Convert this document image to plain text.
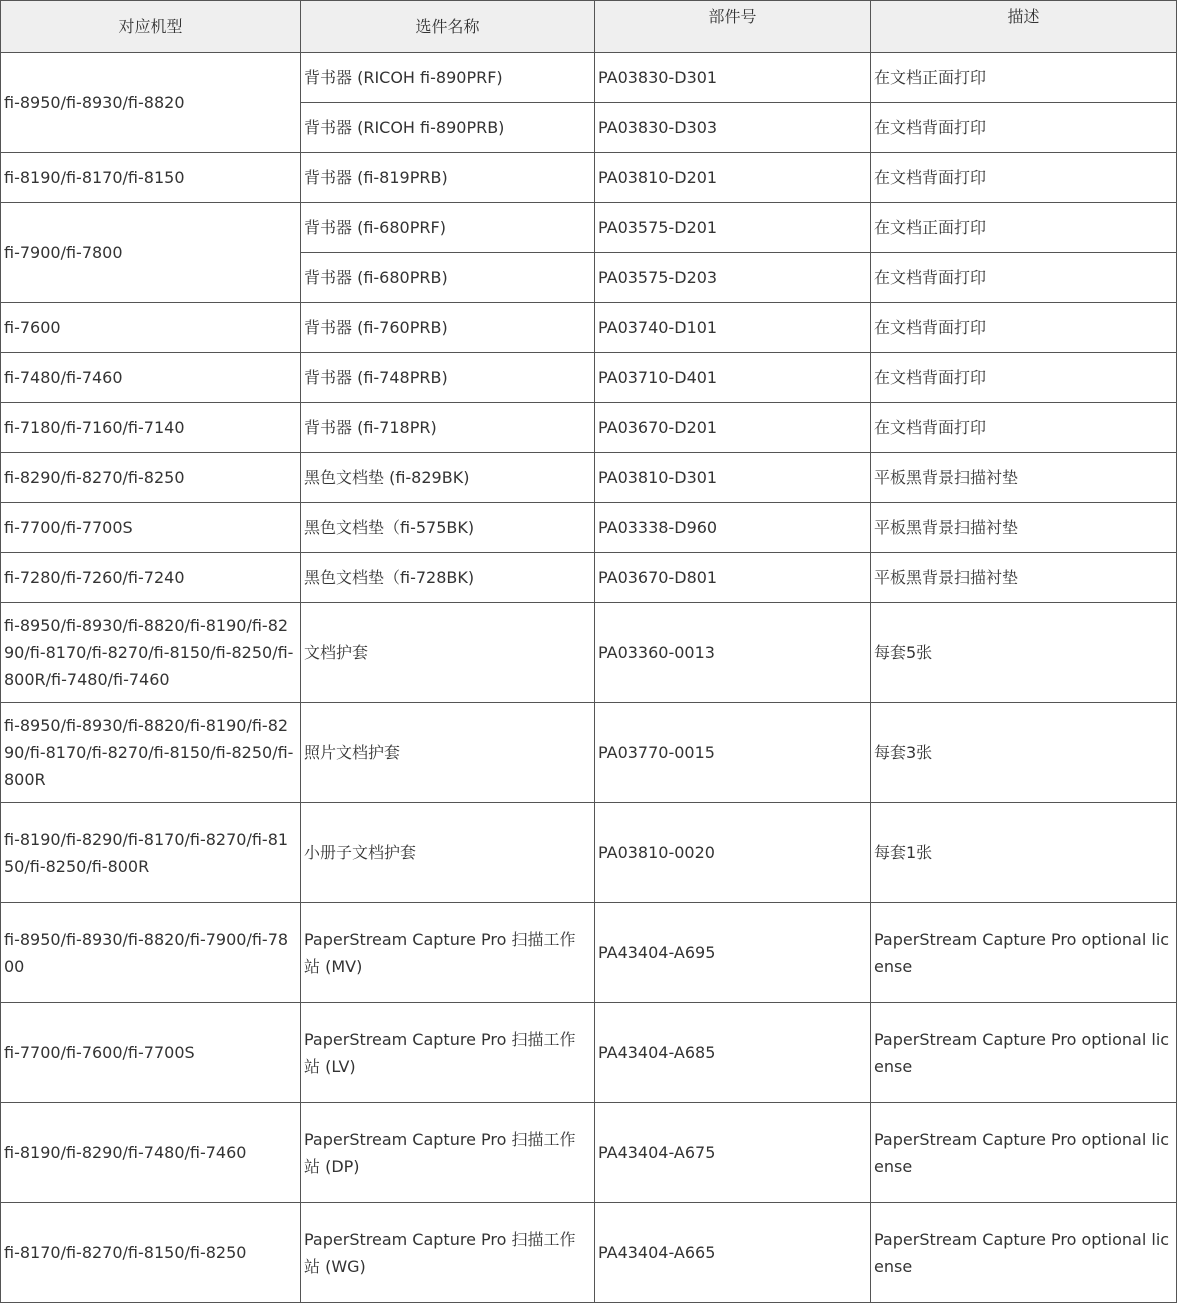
对应机型	选件名称	部件号	描述
fi-8950/fi-8930/fi-8820	背书器 (RICOH fi-890PRF)	PA03830-D301	在文档正面打印
	背书器 (RICOH fi-890PRB)	PA03830-D303	在文档背面打印
fi-8190/fi-8170/fi-8150	背书器 (fi-819PRB)	PA03810-D201	在文档背面打印
fi-7900/fi-7800	背书器 (fi-680PRF)	PA03575-D201	在文档正面打印
	背书器 (fi-680PRB)	PA03575-D203	在文档背面打印
fi-7600	背书器 (fi-760PRB)	PA03740-D101	在文档背面打印
fi-7480/fi-7460	背书器 (fi-748PRB)	PA03710-D401	在文档背面打印
fi-7180/fi-7160/fi-7140	背书器 (fi-718PR)	PA03670-D201	在文档背面打印
fi-8290/fi-8270/fi-8250	黑色文档垫 (fi-829BK)	PA03810-D301	平板黑背景扫描衬垫
fi-7700/fi-7700S	黑色文档垫（fi-575BK)	PA03338-D960	平板黑背景扫描衬垫
fi-7280/fi-7260/fi-7240	黑色文档垫（fi-728BK)	PA03670-D801	平板黑背景扫描衬垫
fi-8950/fi-8930/fi-8820/fi-8190/fi-8290/fi-8170/fi-8270/fi-8150/fi-8250/fi-800R/fi-7480/fi-7460	文档护套	PA03360-0013	每套5张
fi-8950/fi-8930/fi-8820/fi-8190/fi-8290/fi-8170/fi-8270/fi-8150/fi-8250/fi-800R	照片文档护套	PA03770-0015	每套3张
fi-8190/fi-8290/fi-8170/fi-8270/fi-8150/fi-8250/fi-800R	小册子文档护套	PA03810-0020	每套1张
fi-8950/fi-8930/fi-8820/fi-7900/fi-7800	PaperStream Capture Pro 扫描工作站 (MV)	PA43404-A695	PaperStream Capture Pro optional license
fi-7700/fi-7600/fi-7700S	PaperStream Capture Pro 扫描工作站 (LV)	PA43404-A685	PaperStream Capture Pro optional license
fi-8190/fi-8290/fi-7480/fi-7460	PaperStream Capture Pro 扫描工作站 (DP)	PA43404-A675	PaperStream Capture Pro optional license
fi-8170/fi-8270/fi-8150/fi-8250	PaperStream Capture Pro 扫描工作站 (WG)	PA43404-A665	PaperStream Capture Pro optional license
